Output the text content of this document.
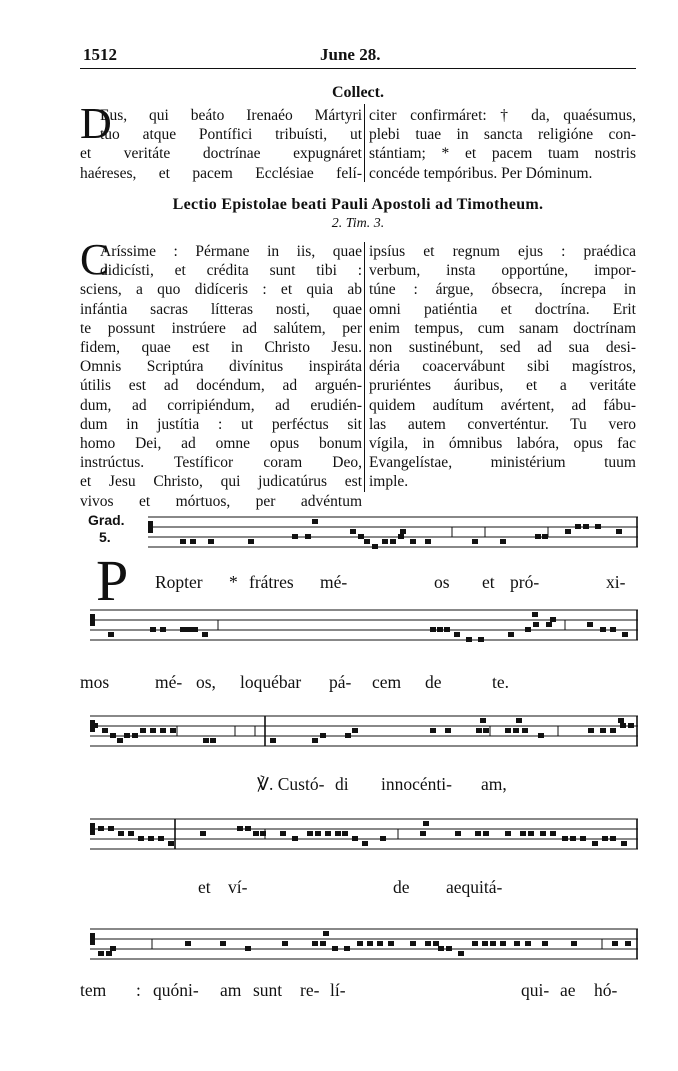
1512	June 28.
Collect.
D
Eus, qui beáto Irenaéo Mártyri
tuo atque Pontífici tribuísti, ut
et veritáte doctrínae expugnáret
haéreses, et pacem Ecclésiae felí-
citer confirmáret: † da, quaésumus,
plebi tuae in sancta religióne con-
stántiam; * et pacem tuam nostris
concéde tempóribus. Per Dóminum.
Lectio Epistolae beati Pauli Apostoli ad Timotheum.
2. Tim. 3.
C
Aríssime : Pérmane in iis, quae
didicísti, et crédita sunt tibi :
sciens, a quo didíceris : et quia ab
infántia sacras lítteras nosti, quae
te possunt instrúere ad salútem, per
fidem, quae est in Christo Jesu.
Omnis Scriptúra divínitus inspiráta
útilis est ad docéndum, ad arguén-
dum, ad corripiéndum, ad erudién-
dum in justítia : ut perféctus sit
homo Dei, ad omne opus bonum
instrúctus. Testíficor coram Deo,
et Jesu Christo, qui judicatúrus est
vivos et mórtuos, per advéntum
ipsíus et regnum ejus : praédica
verbum, insta opportúne, impor-
túne : árgue, óbsecra, íncrepa in
omni patiéntia et doctrína. Erit
enim tempus, cum sanam doctrínam
non sustinébunt, sed ad sua desi-
déria coacervábunt sibi magístros,
pruriéntes áuribus, et a veritáte
quidem audítum avértent, ad fábu-
las autem converténtur. Tu vero
vígila, in ómnibus labóra, opus fac
Evangelístae, ministérium tuum
imple.
Grad.
5.
P Ropter * frátres mé-	os et pró-	xi-
mos	mé- os, loquébar pá- cem de	te.
℣. Custó- di innocénti- am,
et ví-	de aequitá-
tem : quóni- am sunt re- lí-	qui- ae hó-
